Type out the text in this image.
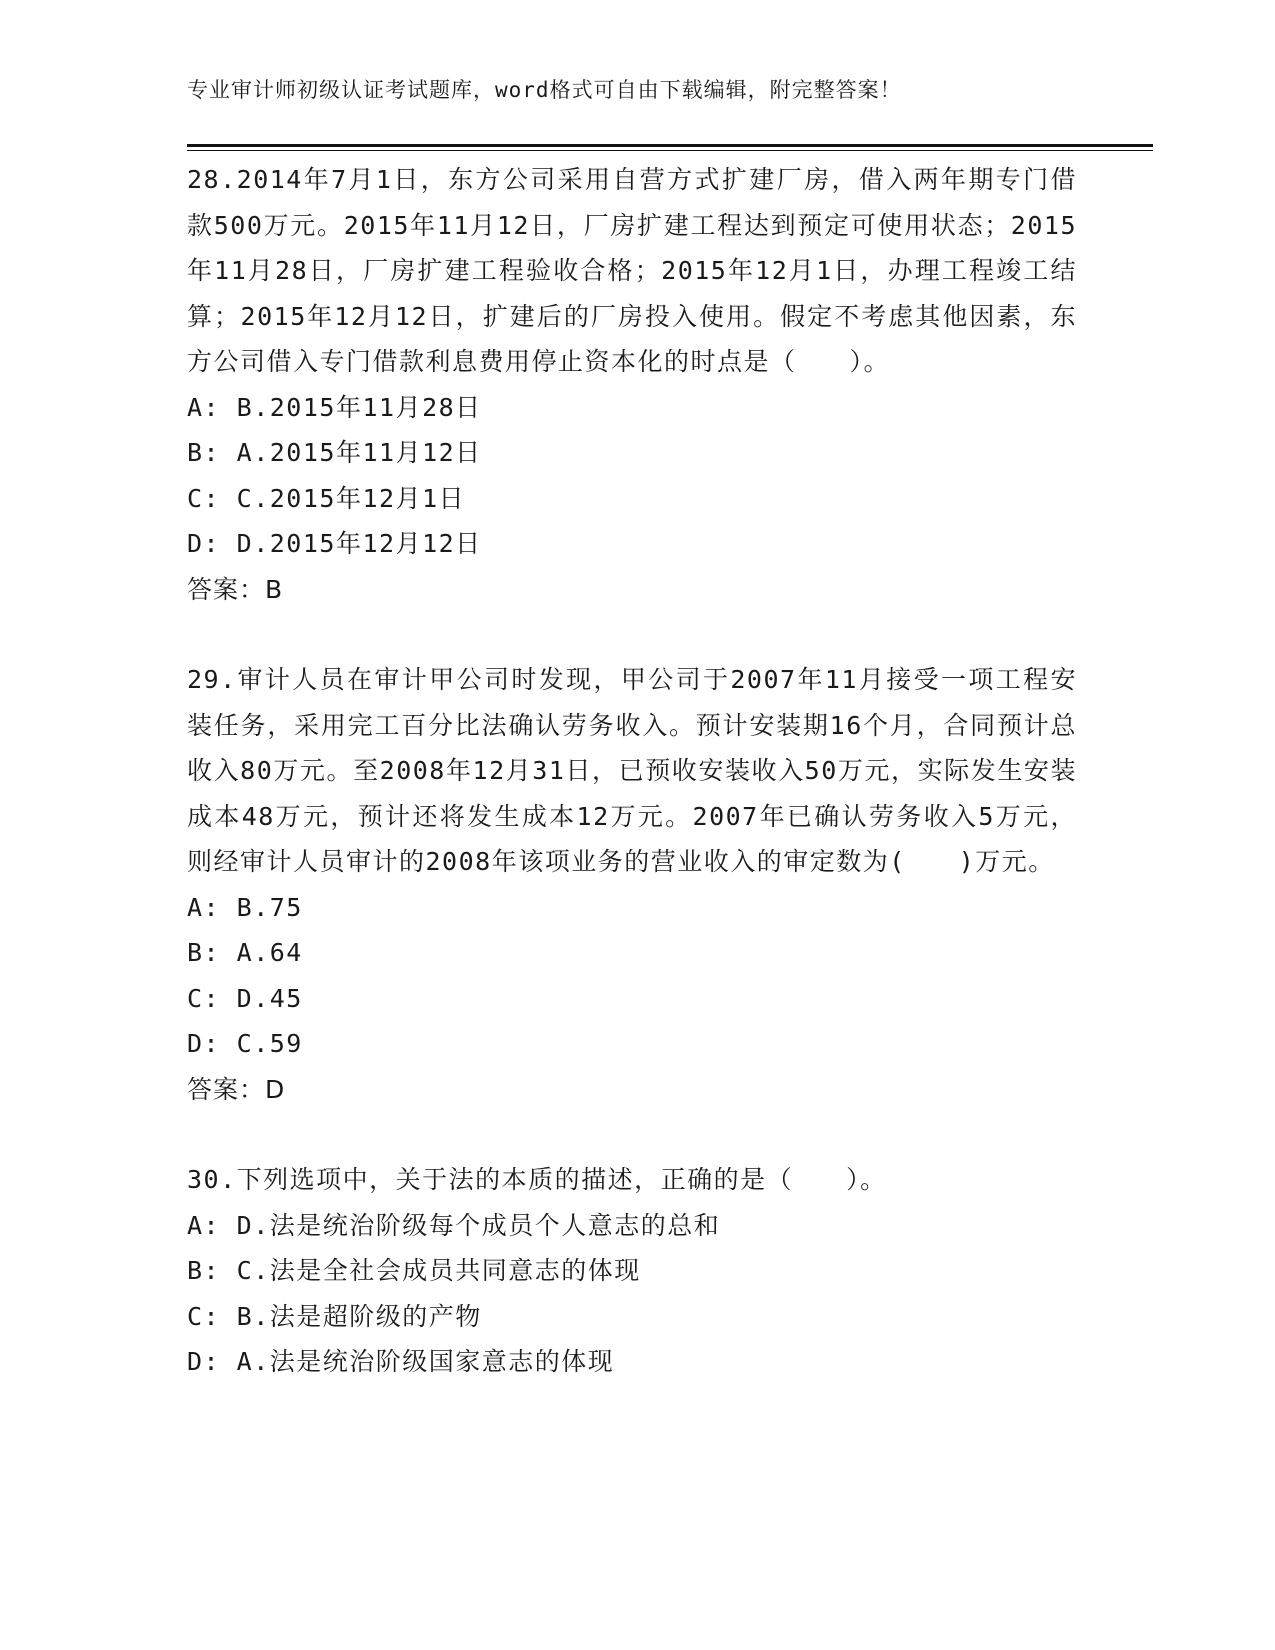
专业审计师初级认证考试题库，word格式可自由下载编辑，附完整答案！

28.2014年7月1日，东方公司采用自营方式扩建厂房，借入两年期专门借款500万元。2015年11月12日，厂房扩建工程达到预定可使用状态；2015年11月28日，厂房扩建工程验收合格；2015年12月1日，办理工程竣工结算；2015年12月12日，扩建后的厂房投入使用。假定不考虑其他因素，东方公司借入专门借款利息费用停止资本化的时点是（　　）。

A: B.2015年11月28日

B: A.2015年11月12日

C: C.2015年12月1日

D: D.2015年12月12日

答案：B

29.审计人员在审计甲公司时发现，甲公司于2007年11月接受一项工程安装任务，采用完工百分比法确认劳务收入。预计安装期16个月，合同预计总收入80万元。至2008年12月31日，已预收安装收入50万元，实际发生安装成本48万元，预计还将发生成本12万元。2007年已确认劳务收入5万元，则经审计人员审计的2008年该项业务的营业收入的审定数为(　　)万元。

A: B.75

B: A.64

C: D.45

D: C.59

答案：D

30.下列选项中，关于法的本质的描述，正确的是（　　）。

A: D.法是统治阶级每个成员个人意志的总和

B: C.法是全社会成员共同意志的体现

C: B.法是超阶级的产物

D: A.法是统治阶级国家意志的体现
